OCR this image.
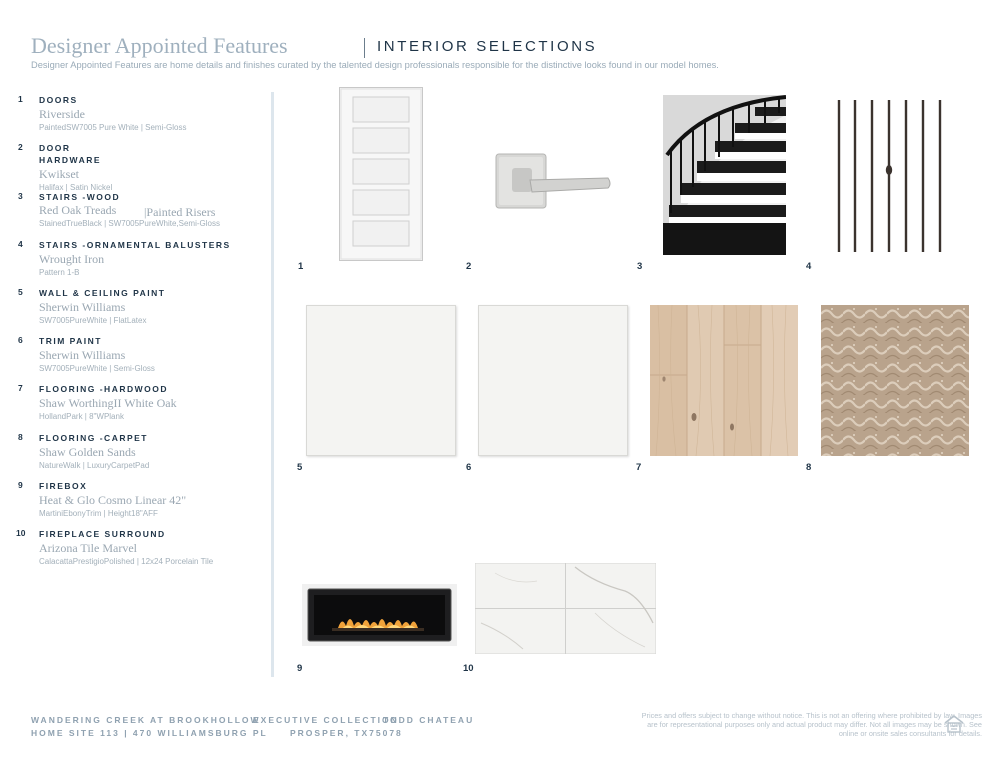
Designer Appointed Features	INTERIOR SELECTIONS
Designer Appointed Features are home details and finishes curated by the talented design professionals responsible for the distinctive looks found in our model homes.
1 DOORS
Riverside
PaintedSW7005 Pure White | Semi-Gloss
2 DOOR HARDWARE
Kwikset
Halifax | Satin Nickel
3 STAIRS -WOOD
Red Oak Treads |Painted Risers
StainedTrueBlack | SW7005PureWhite,Semi-Gloss
4 STAIRS -ORNAMENTAL BALUSTERS
Wrought Iron
Pattern 1-B
5 WALL & CEILING PAINT
Sherwin Williams
SW7005PureWhite | FlatLatex
6 TRIM PAINT
Sherwin Williams
SW7005PureWhite | Semi-Gloss
7 FLOORING -HARDWOOD
Shaw WorthingII White Oak
HollandPark | 8"WPlank
8 FLOORING -CARPET
Shaw Golden Sands
NatureWalk | LuxuryCarpetPad
9 FIREBOX
Heat & Glo Cosmo Linear 42"
MartiniEbonyTrim | Height18"AFF
10 FIREPLACE SURROUND
Arizona Tile Marvel
CalacattaPrestigioPolished | 12x24 Porcelain Tile
1	2	3	4
5	6	7	8
9	10
WANDERING CREEK AT BROOKHOLLOW
EXECUTIVE COLLECTION
TODD CHATEAU
HOME SITE 113 | 470 WILLIAMSBURG PL	PROSPER, TX75078
Prices and offers subject to change without notice. This is not an offering where prohibited by law. Images are for representational purposes only and actual product may differ. Not all images may be shown. See online or onsite sales consultants for details.
